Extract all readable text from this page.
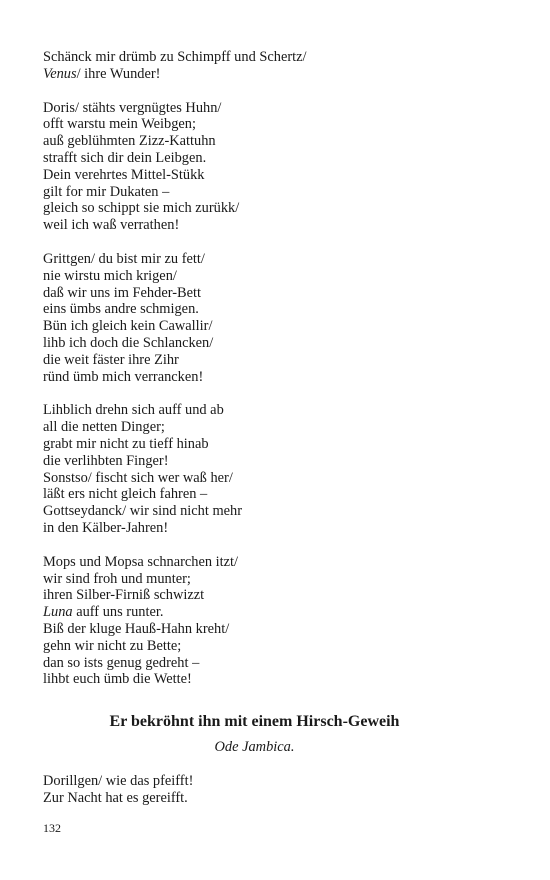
Schänck mir drümb zu Schimpff und Schertz/
Venus/ ihre Wunder!
Doris/ stähts vergnügtes Huhn/
offt warstu mein Weibgen;
auß geblühmten Zizz-Kattuhn
strafft sich dir dein Leibgen.
Dein verehrtes Mittel-Stükk
gilt for mir Dukaten –
gleich so schippt sie mich zurükk/
weil ich waß verrathen!
Grittgen/ du bist mir zu fett/
nie wirstu mich krigen/
daß wir uns im Fehder-Bett
eins ümbs andre schmigen.
Bün ich gleich kein Cawallir/
lihb ich doch die Schlancken/
die weit fäster ihre Zihr
ründ ümb mich verrancken!
Lihblich drehn sich auff und ab
all die netten Dinger;
grabt mir nicht zu tieff hinab
die verlihbten Finger!
Sonstso/ fischt sich wer waß her/
läßt ers nicht gleich fahren –
Gottseydanck/ wir sind nicht mehr
in den Kälber-Jahren!
Mops und Mopsa schnarchen itzt/
wir sind froh und munter;
ihren Silber-Firniß schwizzt
Luna auff uns runter.
Biß der kluge Hauß-Hahn kreht/
gehn wir nicht zu Bette;
dan so ists genug gedreht –
lihbt euch ümb die Wette!
Er bekröhnt ihn mit einem Hirsch-Geweih
Ode Jambica.
Dorillgen/ wie das pfeifft!
Zur Nacht hat es gereifft.
132
